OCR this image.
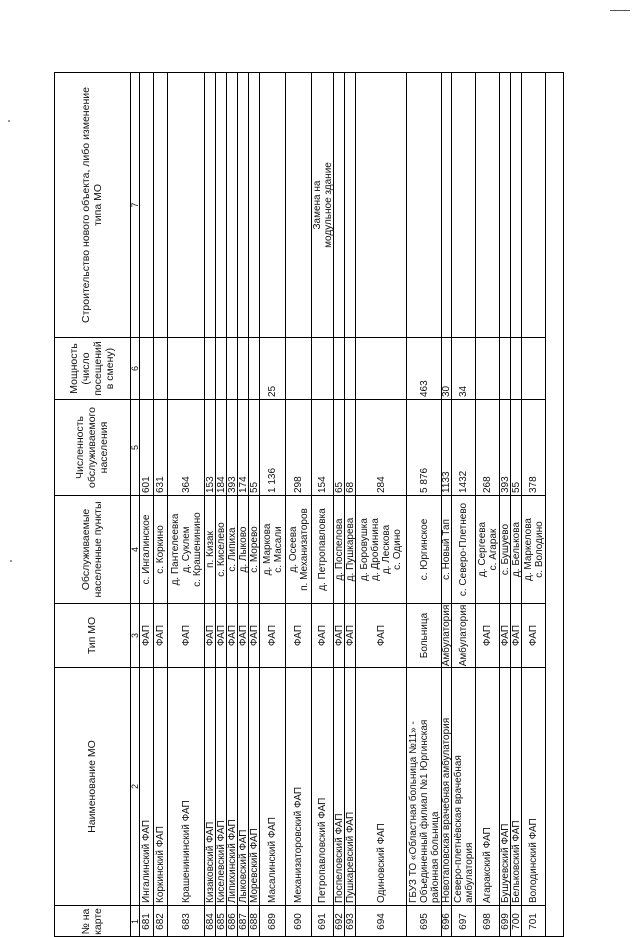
№ на карте
Наименование МО
Тип МО
Обслуживаемые населенные пункты
Численность обслуживаемого населения
Мощность (число посещений в смену)
Строительство нового объекта, либо изменение типа МО
1
2
3
4
5
6
7
681
Ингалинский ФАП
ФАП
с. Ингалинское
601
682
Коркинский ФАП
ФАП
с. Коркино
631
683
Крашенининский ФАП
ФАП
д. Пантелеевка
д. Суклем
с. Крашенинино
364
684
Кизаковский ФАП
ФАП
п. Кизак
153
685
Киселевский ФАП
ФАП
с. Киселево
184
686
Липихинский ФАП
ФАП
с. Липиха
393
687
Лыковский ФАП
ФАП
д. Лыково
174
688
Моревский ФАП
ФАП
с. Морево
55
689
Масалинский ФАП
ФАП
д. Маркова
с. Масали
1 136
25
690
Механизаторовский ФАП
ФАП
д. Осеева
п. Механизаторов
298
691
Петропавловский ФАП
ФАП
д. Петропавловка
154
Замена на
модульное здание
692
Поспеловский ФАП
ФАП
д. Поспелова
65
693
Пушкаревский ФАП
ФАП
д. Пушкарева
68
694
Одиновский ФАП
ФАП
д. Боровушка
д. Дробинина
д. Лескова
с. Одино
284
695
ГБУЗ ТО «Областная больница №11» -
Объединенный филиал №1 Юргинская
районная больница
Больница
с. Юргинское
5 876
463
696
Новотаповская врачебная амбулатория
Амбулатория
с. Новый Тап
1133
30
697
Северо-плетнёвская врачебная
амбулатория
Амбулатория
с. Северо-Плетнево
1432
34
698
Агаракский ФАП
ФАП
д. Сергеева
с. Агарак
268
699
Бушуевский ФАП
ФАП
с. Бушуево
393
700
Бельковский ФАП
ФАП
д. Белькова
55
701
Володинский ФАП
ФАП
д. Маркелова
с. Володино
378
